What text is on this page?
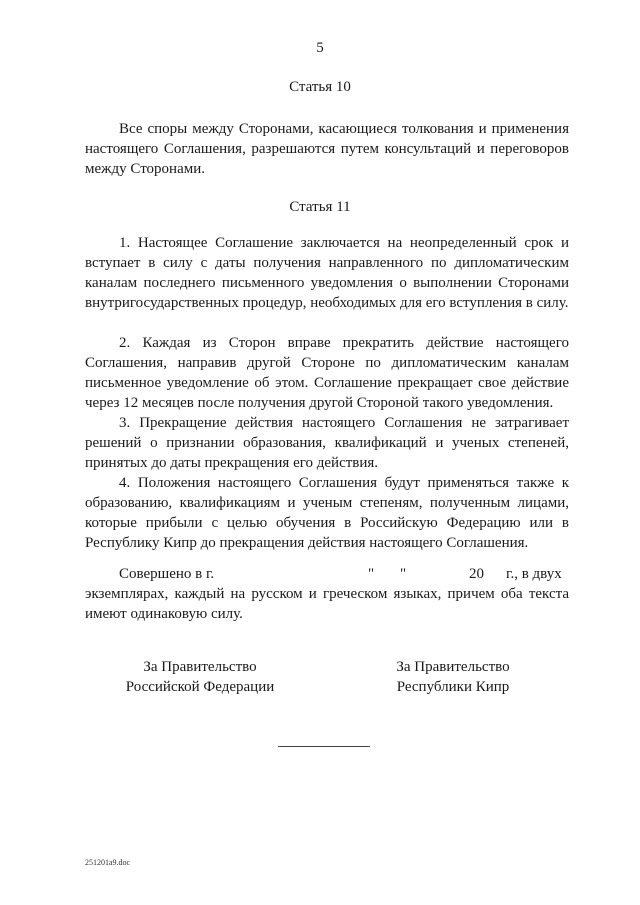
5
Статья 10
Все споры между Сторонами, касающиеся толкования и применения настоящего Соглашения, разрешаются путем консультаций и переговоров между Сторонами.
Статья 11
1. Настоящее Соглашение заключается на неопределенный срок и вступает в силу с даты получения направленного по дипломатическим каналам последнего письменного уведомления о выполнении Сторонами внутригосударственных процедур, необходимых для его вступления в силу.
2. Каждая из Сторон вправе прекратить действие настоящего Соглашения, направив другой Стороне по дипломатическим каналам письменное уведомление об этом. Соглашение прекращает свое действие через 12 месяцев после получения другой Стороной такого уведомления.
3. Прекращение действия настоящего Соглашения не затрагивает решений о признании образования, квалификаций и ученых степеней, принятых до даты прекращения его действия.
4. Положения настоящего Соглашения будут применяться также к образованию, квалификациям и ученым степеням, полученным лицами, которые прибыли с целью обучения в Российскую Федерацию или в Республику Кипр до прекращения действия настоящего Соглашения.

Совершено в г.

	"

"

	20

г., в двух

экземплярах, каждый на русском и греческом языках, причем оба текста имеют одинаковую силу.
За Правительство
Российской Федерации
За Правительство
Республики Кипр
251201a9.doc
